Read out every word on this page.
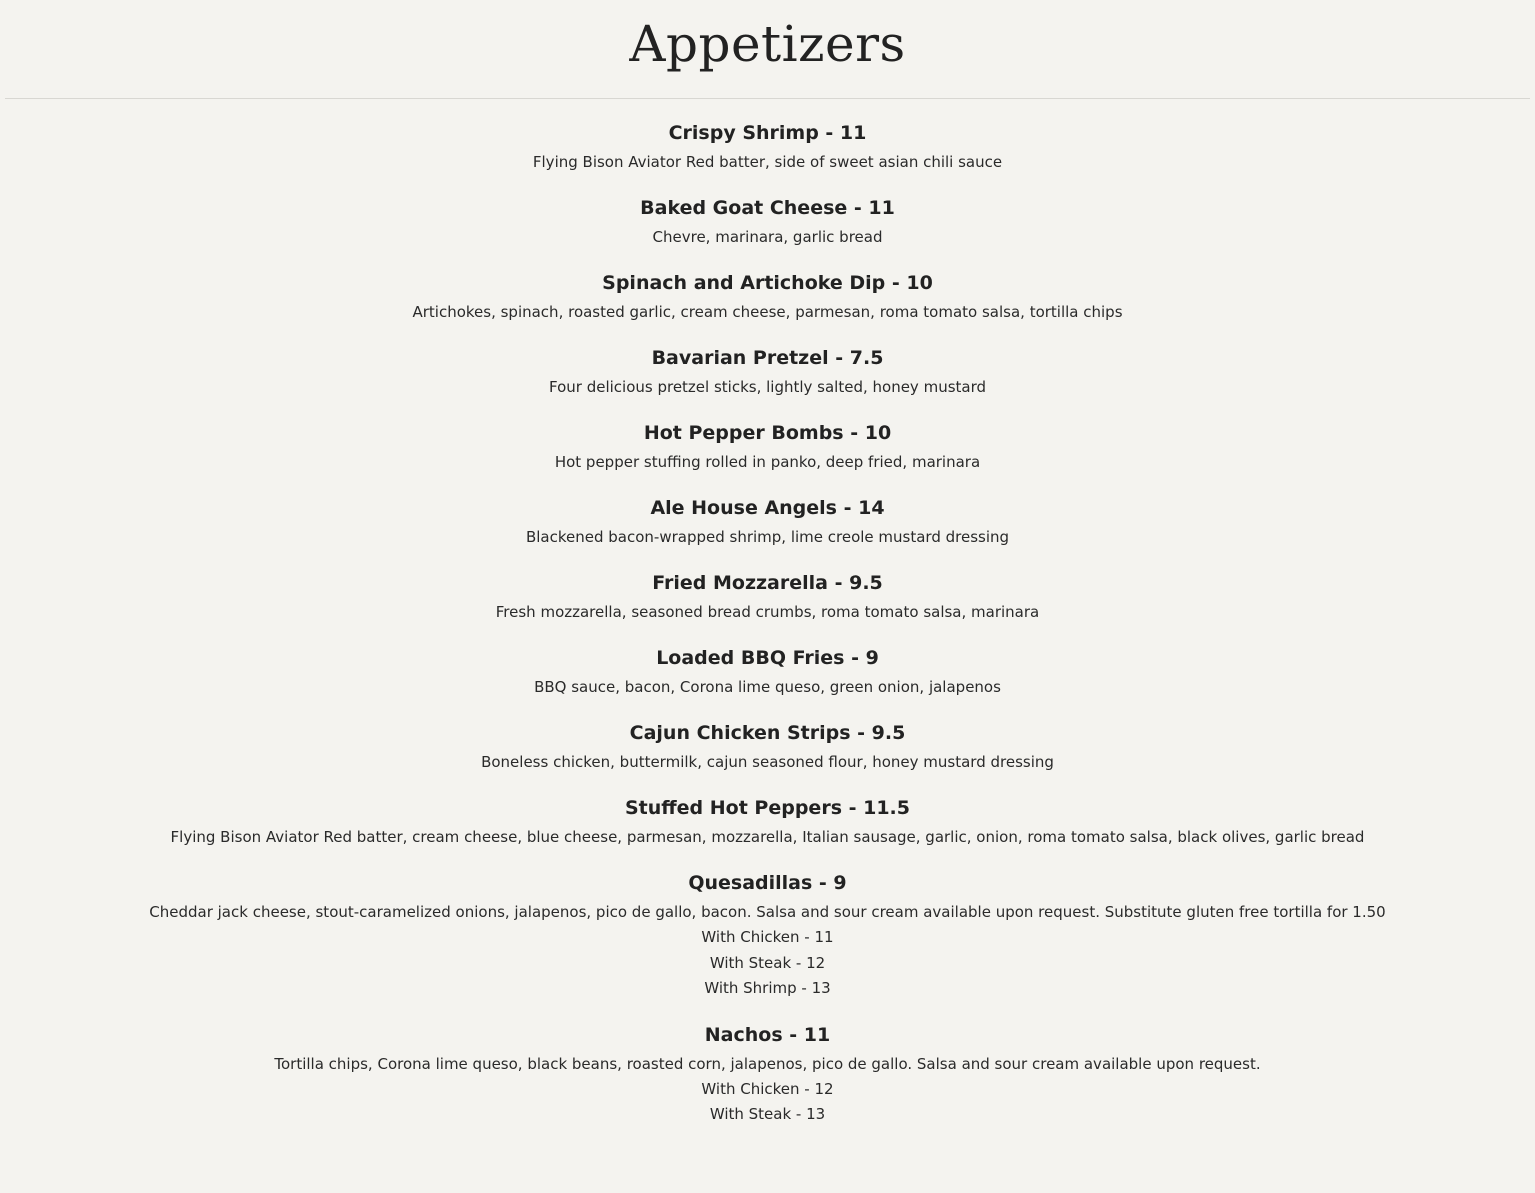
Appetizers
Crispy Shrimp - 11
Flying Bison Aviator Red batter, side of sweet asian chili sauce
Baked Goat Cheese - 11
Chevre, marinara, garlic bread
Spinach and Artichoke Dip - 10
Artichokes, spinach, roasted garlic, cream cheese, parmesan, roma tomato salsa, tortilla chips
Bavarian Pretzel - 7.5
Four delicious pretzel sticks, lightly salted, honey mustard
Hot Pepper Bombs - 10
Hot pepper stuffing rolled in panko, deep fried, marinara
Ale House Angels - 14
Blackened bacon-wrapped shrimp, lime creole mustard dressing
Fried Mozzarella - 9.5
Fresh mozzarella, seasoned bread crumbs, roma tomato salsa, marinara
Loaded BBQ Fries - 9
BBQ sauce, bacon, Corona lime queso, green onion, jalapenos
Cajun Chicken Strips - 9.5
Boneless chicken, buttermilk, cajun seasoned flour, honey mustard dressing
Stuffed Hot Peppers - 11.5
Flying Bison Aviator Red batter, cream cheese, blue cheese, parmesan, mozzarella, Italian sausage, garlic, onion, roma tomato salsa, black olives, garlic bread
Quesadillas - 9
Cheddar jack cheese, stout-caramelized onions, jalapenos, pico de gallo, bacon. Salsa and sour cream available upon request. Substitute gluten free tortilla for 1.50
With Chicken - 11
With Steak - 12
With Shrimp - 13
Nachos - 11
Tortilla chips, Corona lime queso, black beans, roasted corn, jalapenos, pico de gallo. Salsa and sour cream available upon request.
With Chicken - 12
With Steak - 13
